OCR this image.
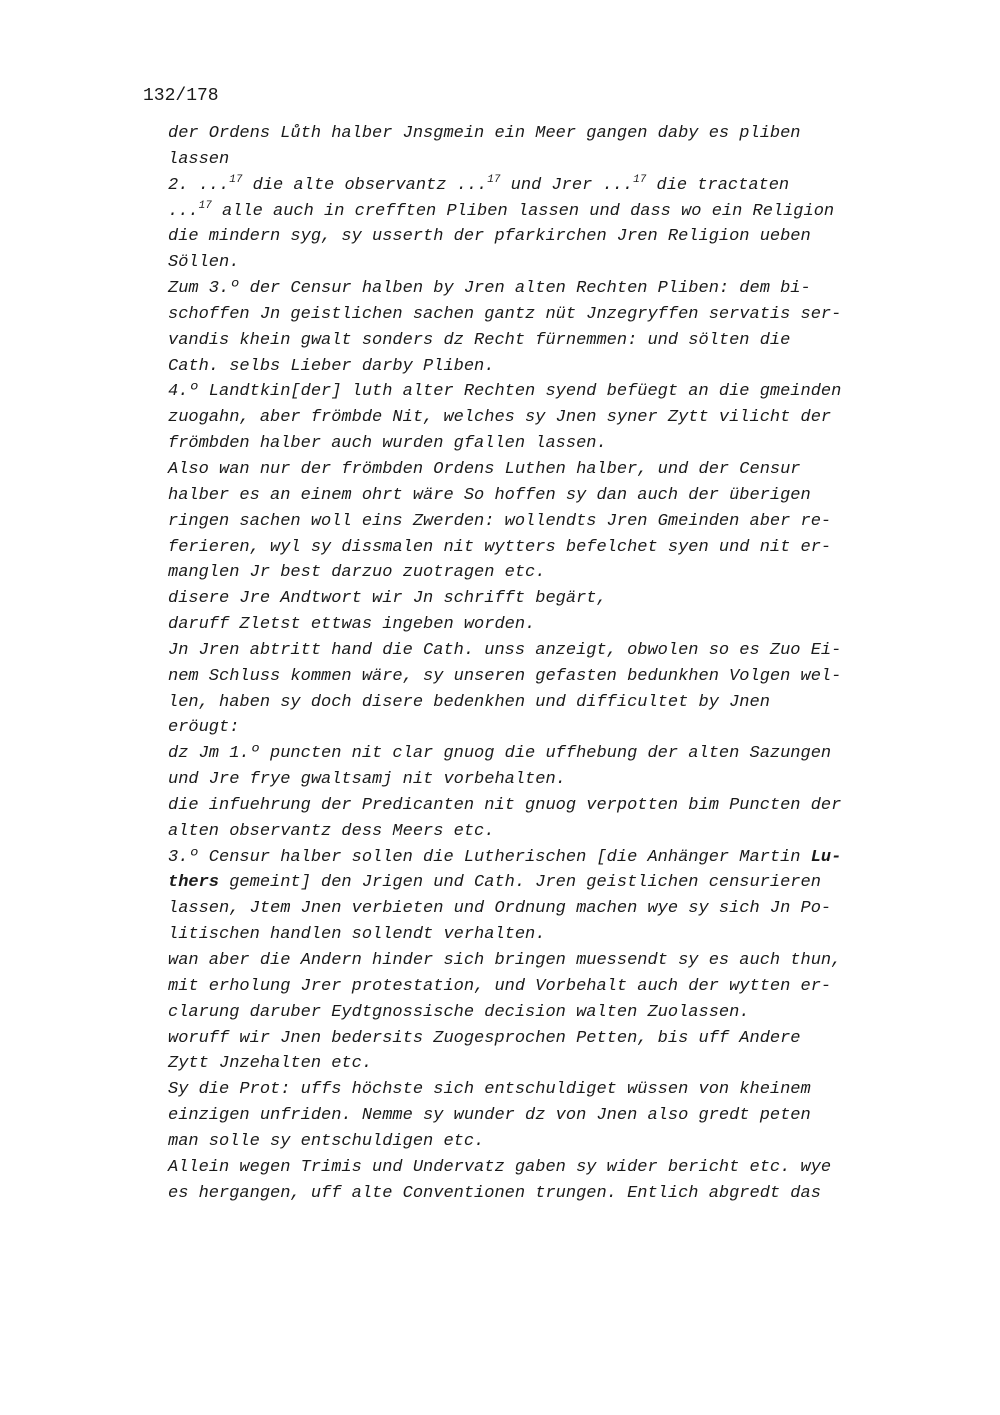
132/178
der Ordens Lůth halber Jnsgmein ein Meer gangen daby es pliben
lassen
2. ...$^{17}$ die alte observantz ...$^{17}$ und Jrer ...$^{17}$ die tractaten
...$^{17}$ alle auch in crefften Pliben lassen und dass wo ein Religion
die mindern syg, sy usserth der pfarkirchen Jren Religion ueben
Söllen.
Zum 3.º der Censur halben by Jren alten Rechten Pliben: dem bi-
schoffen Jn geistlichen sachen gantz nüt Jnzegryffen servatis ser-
vandis khein gwalt sonders dz Recht fürnemmen: und sölten die
Cath. selbs Lieber darby Pliben.
4.º Landtkin[der] luth alter Rechten syend befüegt an die gmeinden
zuogahn, aber frömbde Nit, welches sy Jnen syner Zytt vilicht der
frömbden halber auch wurden gfallen lassen.
Also wan nur der frömbden Ordens Luthen halber, und der Censur
halber es an einem ohrt wäre So hoffen sy dan auch der überigen
ringen sachen woll eins Zwerden: wollendts Jren Gmeinden aber re-
ferieren, wyl sy dissmalen nit wytters befelchet syen und nit er-
manglen Jr best darzuo zuotragen etc.
disere Jre Andtwort wir Jn schrifft begärt,
daruff Zletst ettwas ingeben worden.
Jn Jren abtritt hand die Cath. unss anzeigt, obwolen so es Zuo Ei-
nem Schluss kommen wäre, sy unseren gefasten bedunkhen Volgen wel-
len, haben sy doch disere bedenkhen und difficultet by Jnen
eröugt:
dz Jm 1.º puncten nit clar gnuog die uffhebung der alten Sazungen
und Jre frye gwaltsamj nit vorbehalten.
die infuehrung der Predicanten nit gnuog verpotten bim Puncten der
alten observantz dess Meers etc.
3.º Censur halber sollen die Lutherischen [die Anhänger Martin Lu-
thers gemeint] den Jrigen und Cath. Jren geistlichen censurieren
lassen, Jtem Jnen verbieten und Ordnung machen wye sy sich Jn Po-
litischen handlen sollendt verhalten.
wan aber die Andern hinder sich bringen muessendt sy es auch thun,
mit erholung Jrer protestation, und Vorbehalt auch der wytten er-
clarung daruber Eydtgnossische decision walten Zuolassen.
woruff wir Jnen bedersits Zuogesprochen Petten, bis uff Andere
Zytt Jnzehalten etc.
Sy die Prot: uffs höchste sich entschuldiget wüssen von kheinem
einzigen unfriden. Nemme sy wunder dz von Jnen also gredt peten
man solle sy entschuldigen etc.
Allein wegen Trimis und Undervatz gaben sy wider bericht etc. wye
es hergangen, uff alte Conventionen trungen. Entlich abgredt das
